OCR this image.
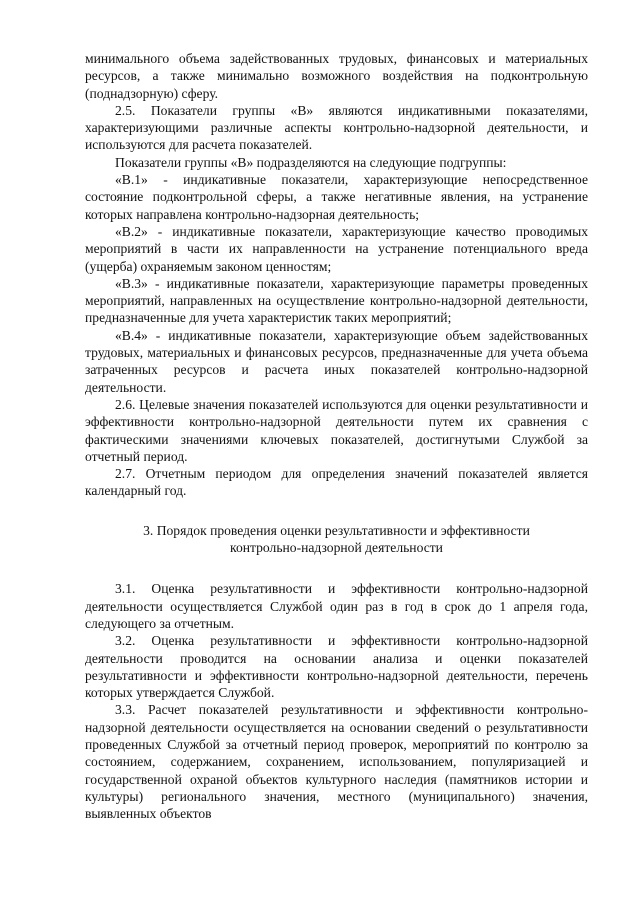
минимального объема задействованных трудовых, финансовых и материальных ресурсов, а также минимально возможного воздействия на подконтрольную (поднадзорную) сферу.

2.5. Показатели группы «В» являются индикативными показателями, характеризующими различные аспекты контрольно-надзорной деятельности, и используются для расчета показателей.

Показатели группы «В» подразделяются на следующие подгруппы:

«В.1» - индикативные показатели, характеризующие непосредственное состояние подконтрольной сферы, а также негативные явления, на устранение которых направлена контрольно-надзорная деятельность;

«В.2» - индикативные показатели, характеризующие качество проводимых мероприятий в части их направленности на устранение потенциального вреда (ущерба) охраняемым законом ценностям;

«В.3» - индикативные показатели, характеризующие параметры проведенных мероприятий, направленных на осуществление контрольно-надзорной деятельности, предназначенные для учета характеристик таких мероприятий;

«В.4» - индикативные показатели, характеризующие объем задействованных трудовых, материальных и финансовых ресурсов, предназначенные для учета объема затраченных ресурсов и расчета иных показателей контрольно-надзорной деятельности.

2.6. Целевые значения показателей используются для оценки результативности и эффективности контрольно-надзорной деятельности путем их сравнения с фактическими значениями ключевых показателей, достигнутыми Службой за отчетный период.

2.7. Отчетным периодом для определения значений показателей является календарный год.

3. Порядок проведения оценки результативности и эффективности
контрольно-надзорной деятельности

3.1. Оценка результативности и эффективности контрольно-надзорной деятельности осуществляется Службой один раз в год в срок до 1 апреля года, следующего за отчетным.

3.2. Оценка результативности и эффективности контрольно-надзорной деятельности проводится на основании анализа и оценки показателей результативности и эффективности контрольно-надзорной деятельности, перечень которых утверждается Службой.

3.3. Расчет показателей результативности и эффективности контрольно-надзорной деятельности осуществляется на основании сведений о результативности проведенных Службой за отчетный период проверок, мероприятий по контролю за состоянием, содержанием, сохранением, использованием, популяризацией и государственной охраной объектов культурного наследия (памятников истории и культуры) регионального значения, местного (муниципального) значения, выявленных объектов
